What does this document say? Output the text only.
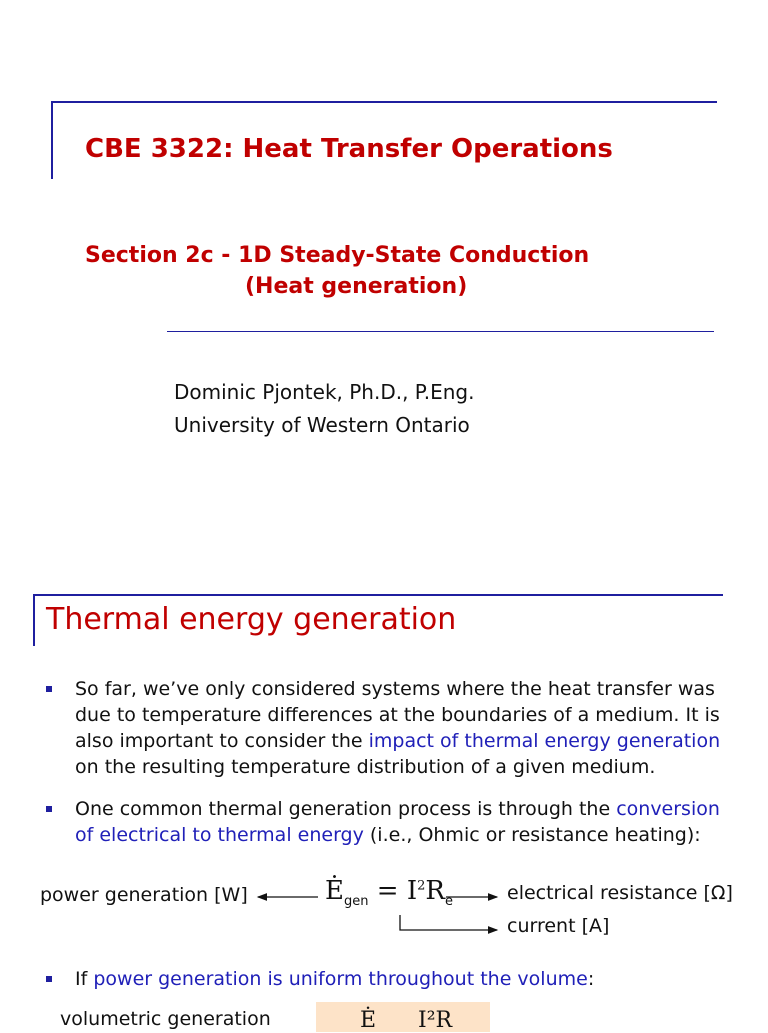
CBE 3322: Heat Transfer Operations
Section 2c - 1D Steady-State Conduction
(Heat generation)
Dominic Pjontek, Ph.D., P.Eng.
University of Western Ontario
Thermal energy generation
So far, we’ve only considered systems where the heat transfer was due to temperature differences at the boundaries of a medium. It is also important to consider the impact of thermal energy generation on the resulting temperature distribution of a given medium.
One common thermal generation process is through the conversion of electrical to thermal energy (i.e., Ohmic or resistance heating):
power generation [W]	$Ė_{gen} = I^2R_e$	electrical resistance [Ω]
current [A]
If power generation is uniform throughout the volume:
volumetric generation	Ė I²R
